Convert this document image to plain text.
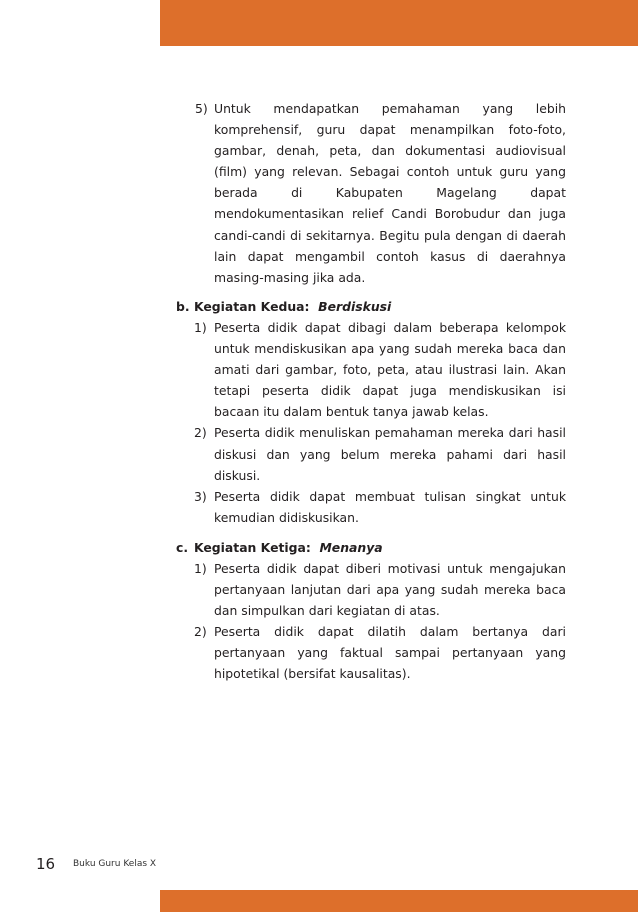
5) Untuk mendapatkan pemahaman yang lebih komprehensif, guru dapat menampilkan foto-foto, gambar, denah, peta, dan dokumentasi audiovisual (film) yang relevan. Sebagai contoh untuk guru yang berada di Kabupaten Magelang dapat mendokumentasikan relief Candi Borobudur dan juga candi-candi di sekitarnya. Begitu pula dengan di daerah lain dapat mengambil contoh kasus di daerahnya masing-masing jika ada.
b. Kegiatan Kedua: Berdiskusi
1) Peserta didik dapat dibagi dalam beberapa kelompok untuk mendiskusikan apa yang sudah mereka baca dan amati dari gambar, foto, peta, atau ilustrasi lain. Akan tetapi peserta didik dapat juga mendiskusikan isi bacaan itu dalam bentuk tanya jawab kelas.
2) Peserta didik menuliskan pemahaman mereka dari hasil diskusi dan yang belum mereka pahami dari hasil diskusi.
3) Peserta didik dapat membuat tulisan singkat untuk kemudian didiskusikan.
c. Kegiatan Ketiga: Menanya
1) Peserta didik dapat diberi motivasi untuk mengajukan pertanyaan lanjutan dari apa yang sudah mereka baca dan simpulkan dari kegiatan di atas.
2) Peserta didik dapat dilatih dalam bertanya dari pertanyaan yang faktual sampai pertanyaan yang hipotetikal (bersifat kausalitas).
16 Buku Guru Kelas X
